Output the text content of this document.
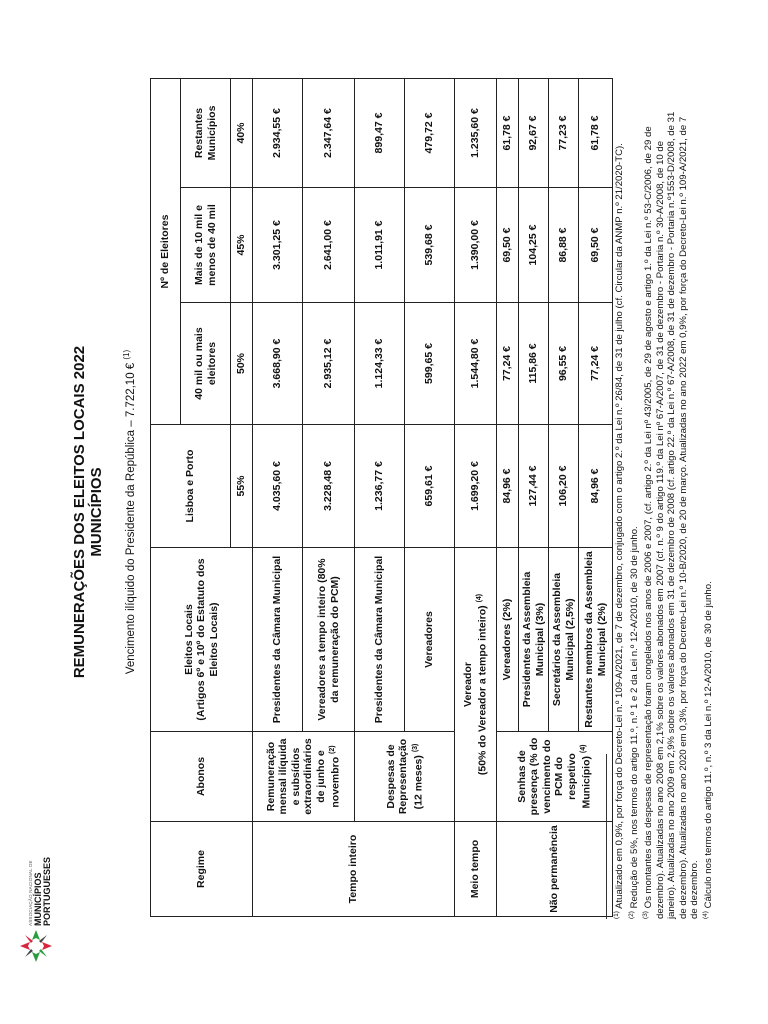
ASSOCIAÇÃO NACIONAL DE MUNICÍPIOS PORTUGUESES
REMUNERAÇÕES DOS ELEITOS LOCAIS 2022 MUNICÍPIOS Vencimento ilíquido do Presidente da República – 7.722,10 € $^{(1)}$
Regime	Abonos	Eleitos Locais
(Artigos 6º e 10º do Estatuto dos Eleitos Locais)	Lisboa e Porto	Nº de Eleitores		
				40 mil ou mais eleitores	Mais de 10 mil e menos de 40 mil	Restantes Municípios
			55%	50%	45%	40%
Tempo inteiro	Remuneração mensal ilíquida e subsídios extraordinários de junho e novembro $^{(2)}$	Presidentes da Câmara Municipal	4.035,60 €	3.668,90 €	3.301,25 €	2.934,55 €
		Vereadores a tempo inteiro (80% da remuneração do PCM)	3.228,48 €	2.935,12 €	2.641,00 €	2.347,64 €
	Despesas de Representação (12 meses) $^{(3)}$	Presidentes da Câmara Municipal	1.236,77 €	1.124,33 €	1.011,91 €	899,47 €
		Vereadores	659,61 €	599,65 €	539,68 €	479,72 €
Meio tempo	Vereador (50% do Vereador a tempo inteiro) $^{(4)}$		1.699,20 €	1.544,80 €	1.390,00 €	1.235,60 €
Não permanência	Senhas de presença (% do vencimento do PCM do respetivo Município) $^{(4)}$	Vereadores (2%)	84,96 €	77,24 €	69,50 €	61,78 €
		Presidentes da Assembleia Municipal (3%)	127,44 €	115,86 €	104,25 €	92,67 €
		Secretários da Assembleia Municipal (2,5%)	106,20 €	96,55 €	86,88 €	77,23 €
		Restantes membros da Assembleia Municipal (2%)	84,96 €	77,24 €	69,50 €	61,78 €

$^{(1)}$ Atualizado em 0,9%, por força do Decreto-Lei n.º 109-A/2021, de 7 de dezembro, conjugado com o artigo 2.º da Lei n.º 26/84, de 31 de julho (cf. Circular da ANMP n.º 21/2020-TC).

$^{(2)}$ Redução de 5%, nos termos do artigo 11.º, n.º 1 e 2 da Lei n.º 12-A/2010, de 30 de junho.

$^{(3)}$ Os montantes das despesas de representação foram congelados nos anos de 2006 e 2007, (cf. artigo 2.º da Lei nº 43/2005, de 29 de agosto e artigo 1.º da Lei n.º 53-C/2006, de 29 de dezembro). Atualizadas no ano 2008 em 2,1% sobre os valores abonados em 2007 (cf. n.º 9 do artigo 119.º da Lei nº 67-A/2007, de 31 de dezembro - Portaria n.º 30-A/2008, de 10 de janeiro). Atualizadas no ano 2009 em 2,9% sobre os valores abonados em 31 de dezembro de 2008 (cf. artigo 22.º da Lei n.º 67-A/2008, de 31 de dezembro - Portaria n.º1553-D/2008, de 31 de dezembro). Atualizadas no ano 2020 em 0,3%, por força do Decreto-Lei n.º 10-B/2020, de 20 de março. Atualizadas no ano 2022 em 0,9%, por força do Decreto-Lei n.º 109-A/2021, de 7 de dezembro. $^{(4)}$ Cálculo nos termos do artigo 11.º, n.º 3 da Lei n.º 12-A/2010, de 30 de junho.
